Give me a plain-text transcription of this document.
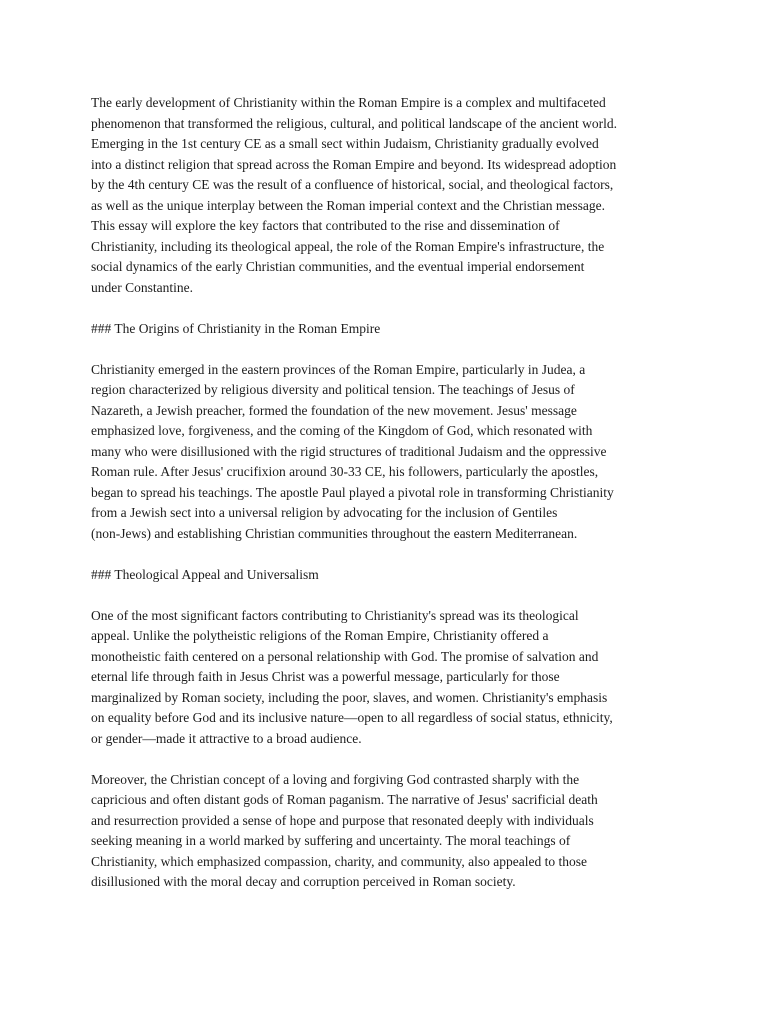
The early development of Christianity within the Roman Empire is a complex and multifaceted
phenomenon that transformed the religious, cultural, and political landscape of the ancient world.
Emerging in the 1st century CE as a small sect within Judaism, Christianity gradually evolved
into a distinct religion that spread across the Roman Empire and beyond. Its widespread adoption
by the 4th century CE was the result of a confluence of historical, social, and theological factors,
as well as the unique interplay between the Roman imperial context and the Christian message.
This essay will explore the key factors that contributed to the rise and dissemination of
Christianity, including its theological appeal, the role of the Roman Empire's infrastructure, the
social dynamics of the early Christian communities, and the eventual imperial endorsement
under Constantine.
### The Origins of Christianity in the Roman Empire
Christianity emerged in the eastern provinces of the Roman Empire, particularly in Judea, a
region characterized by religious diversity and political tension. The teachings of Jesus of
Nazareth, a Jewish preacher, formed the foundation of the new movement. Jesus' message
emphasized love, forgiveness, and the coming of the Kingdom of God, which resonated with
many who were disillusioned with the rigid structures of traditional Judaism and the oppressive
Roman rule. After Jesus' crucifixion around 30-33 CE, his followers, particularly the apostles,
began to spread his teachings. The apostle Paul played a pivotal role in transforming Christianity
from a Jewish sect into a universal religion by advocating for the inclusion of Gentiles
(non-Jews) and establishing Christian communities throughout the eastern Mediterranean.
### Theological Appeal and Universalism
One of the most significant factors contributing to Christianity's spread was its theological
appeal. Unlike the polytheistic religions of the Roman Empire, Christianity offered a
monotheistic faith centered on a personal relationship with God. The promise of salvation and
eternal life through faith in Jesus Christ was a powerful message, particularly for those
marginalized by Roman society, including the poor, slaves, and women. Christianity's emphasis
on equality before God and its inclusive nature—open to all regardless of social status, ethnicity,
or gender—made it attractive to a broad audience.
Moreover, the Christian concept of a loving and forgiving God contrasted sharply with the
capricious and often distant gods of Roman paganism. The narrative of Jesus' sacrificial death
and resurrection provided a sense of hope and purpose that resonated deeply with individuals
seeking meaning in a world marked by suffering and uncertainty. The moral teachings of
Christianity, which emphasized compassion, charity, and community, also appealed to those
disillusioned with the moral decay and corruption perceived in Roman society.
